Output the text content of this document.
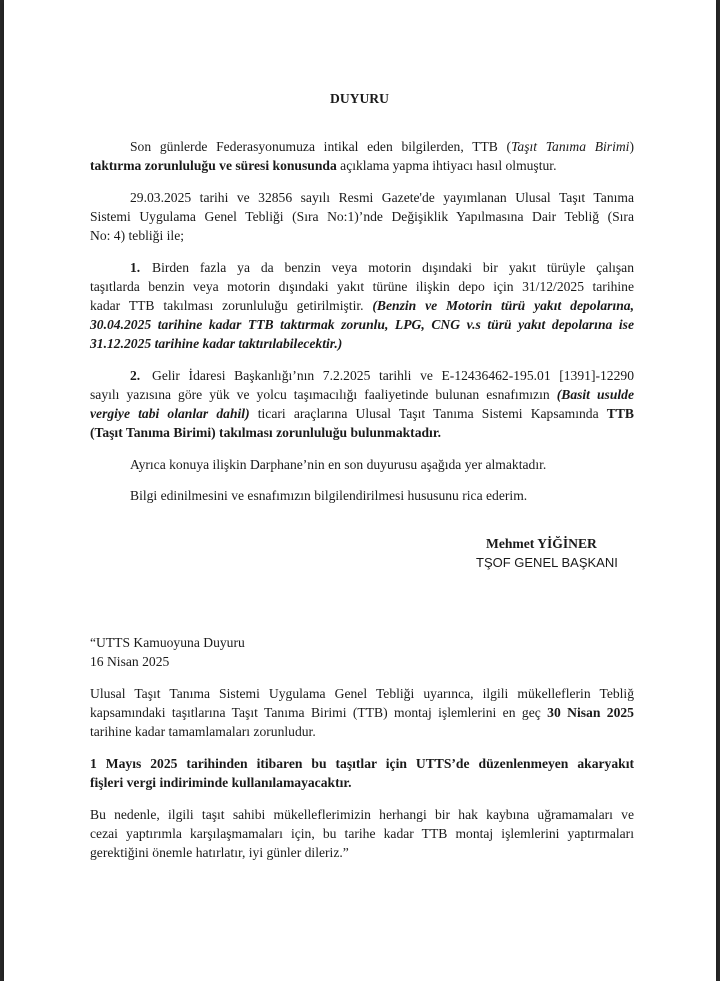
DUYURU

Son günlerde Federasyonumuza intikal eden bilgilerden, TTB (Taşıt Tanıma Birimi)

taktırma zorunluluğu ve süresi konusunda açıklama yapma ihtiyacı hasıl olmuştur.

29.03.2025 tarihi ve 32856 sayılı Resmi Gazete'de yayımlanan Ulusal Taşıt Tanıma

Sistemi Uygulama Genel Tebliği (Sıra No:1)’nde Değişiklik Yapılmasına Dair Tebliğ (Sıra

No: 4) tebliği ile;

1. Birden fazla ya da benzin veya motorin dışındaki bir yakıt türüyle çalışan

taşıtlarda benzin veya motorin dışındaki yakıt türüne ilişkin depo için 31/12/2025 tarihine

kadar TTB takılması zorunluluğu getirilmiştir. (Benzin ve Motorin türü yakıt depolarına,

30.04.2025 tarihine kadar TTB taktırmak zorunlu, LPG, CNG v.s türü yakıt depolarına ise

31.12.2025 tarihine kadar taktırılabilecektir.)

2. Gelir İdaresi Başkanlığı’nın 7.2.2025 tarihli ve E-12436462-195.01 [1391]-12290

sayılı yazısına göre yük ve yolcu taşımacılığı faaliyetinde bulunan esnafımızın (Basit usulde

vergiye tabi olanlar dahil) ticari araçlarına Ulusal Taşıt Tanıma Sistemi Kapsamında TTB

(Taşıt Tanıma Birimi) takılması zorunluluğu bulunmaktadır.

Ayrıca konuya ilişkin Darphane’nin en son duyurusu aşağıda yer almaktadır.

Bilgi edinilmesini ve esnafımızın bilgilendirilmesi hususunu rica ederim.

Mehmet YİĞİNER

TŞOF GENEL BAŞKANI

“UTTS Kamuoyuna Duyuru

16 Nisan 2025

Ulusal Taşıt Tanıma Sistemi Uygulama Genel Tebliği uyarınca, ilgili mükelleflerin Tebliğ

kapsamındaki taşıtlarına Taşıt Tanıma Birimi (TTB) montaj işlemlerini en geç 30 Nisan 2025

tarihine kadar tamamlamaları zorunludur.

1 Mayıs 2025 tarihinden itibaren bu taşıtlar için UTTS’de düzenlenmeyen akaryakıt

fişleri vergi indiriminde kullanılamayacaktır.

Bu nedenle, ilgili taşıt sahibi mükelleflerimizin herhangi bir hak kaybına uğramamaları ve

cezai yaptırımla karşılaşmamaları için, bu tarihe kadar TTB montaj işlemlerini yaptırmaları

gerektiğini önemle hatırlatır, iyi günler dileriz.”
